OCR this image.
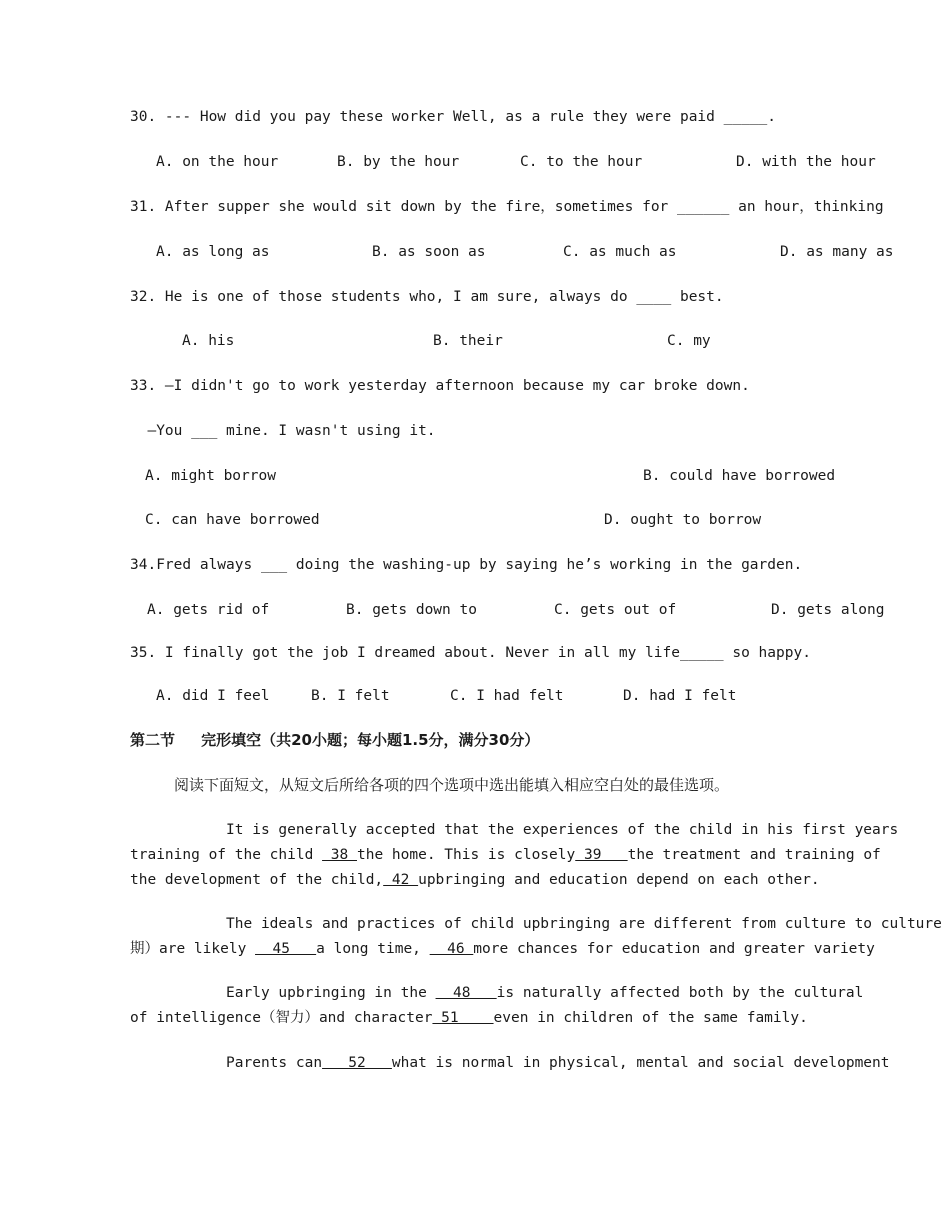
30. --- How did you pay these worker Well, as a rule they were paid _____.
A. on the hour	B. by the hour	C. to the hour	D. with the hour
31. After supper she would sit down by the fire，sometimes for ______ an hour，thinking
A. as long as	B. as soon as	C. as much as	D. as many as
32. He is one of those students who, I am sure, always do ____ best.
A. his	B. their	C. my
33. —I didn't go to work yesterday afternoon because my car broke down.
—You ___ mine. I wasn't using it.
A. might borrow	B. could have borrowed
C. can have borrowed	D. ought to borrow
34.Fred always ___ doing the washing-up by saying he’s working in the garden.
A. gets rid of	B. gets down to	C. gets out of	D. gets along
35. I finally got the job I dreamed about. Never in all my life_____ so happy.
A. did I feel	B. I felt	C. I had felt	D. had I felt
第二节     完形填空（共20小题；每小题1.5分，满分30分）
阅读下面短文，从短文后所给各项的四个选项中选出能填入相应空白处的最佳选项。
It is generally accepted that the experiences of the child in his first years
training of the child  38 the home. This is closely 39   the treatment and training of
the development of the child, 42 upbringing and education depend on each other.
The ideals and practices of child upbringing are different from culture to culture
期）are likely   45   a long time,   46 more chances for education and greater variety
Early upbringing in the   48   is naturally affected both by the cultural
of intelligence（智力）and character 51    even in children of the same family.
Parents can   52   what is normal in physical, mental and social development
